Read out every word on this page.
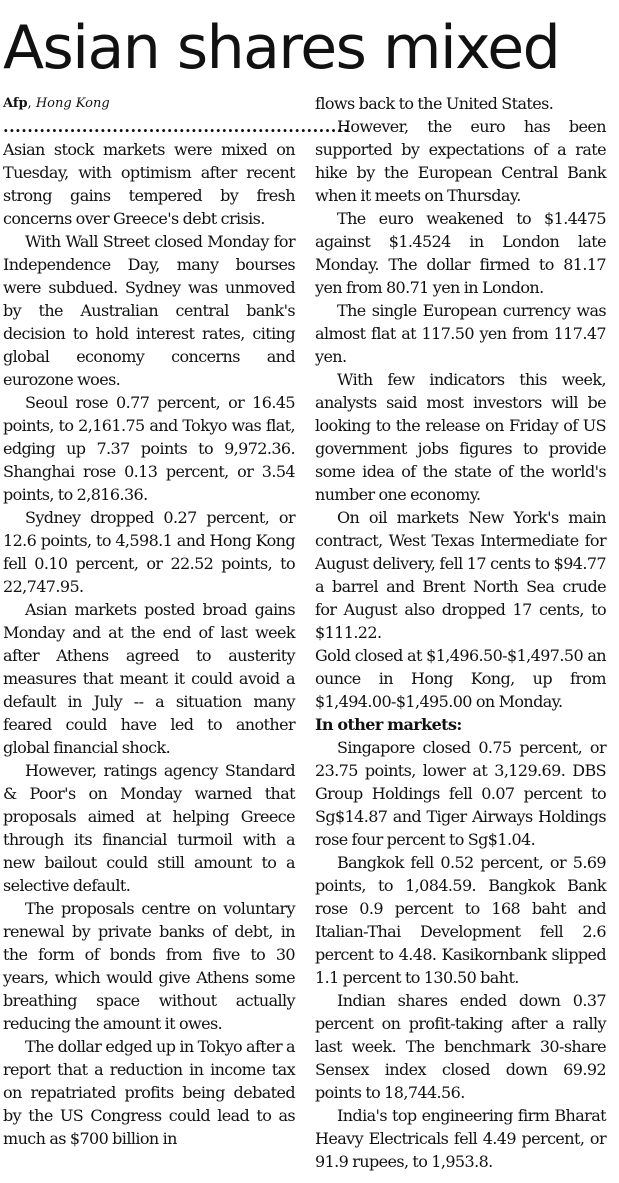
Asian shares mixed

Afp, Hong Kong

.........................................................

Asian stock markets were mixed on Tuesday, with optimism after recent strong gains tempered by fresh concerns over Greece's debt crisis.

With Wall Street closed Monday for Independence Day, many bourses were subdued. Sydney was unmoved by the Australian central bank's decision to hold interest rates, citing global economy concerns and eurozone woes.

Seoul rose 0.77 percent, or 16.45 points, to 2,161.75 and Tokyo was flat, edging up 7.37 points to 9,972.36. Shanghai rose 0.13 percent, or 3.54 points, to 2,816.36.

Sydney dropped 0.27 percent, or 12.6 points, to 4,598.1 and Hong Kong fell 0.10 percent, or 22.52 points, to 22,747.95.

Asian markets posted broad gains Monday and at the end of last week after Athens agreed to austerity measures that meant it could avoid a default in July -- a situation many feared could have led to another global financial shock.

However, ratings agency Standard & Poor's on Monday warned that proposals aimed at helping Greece through its financial turmoil with a new bailout could still amount to a selective default.

The proposals centre on voluntary renewal by private banks of debt, in the form of bonds from five to 30 years, which would give Athens some breathing space without actually reducing the amount it owes.

The dollar edged up in Tokyo after a report that a reduction in income tax on repatriated profits being debated by the US Congress could lead to as much as $700 billion in

flows back to the United States.

However, the euro has been supported by expectations of a rate hike by the European Central Bank when it meets on Thursday.

The euro weakened to $1.4475 against $1.4524 in London late Monday. The dollar firmed to 81.17 yen from 80.71 yen in London.

The single European currency was almost flat at 117.50 yen from 117.47 yen.

With few indicators this week, analysts said most investors will be looking to the release on Friday of US government jobs figures to provide some idea of the state of the world's number one economy.

On oil markets New York's main contract, West Texas Intermediate for August delivery, fell 17 cents to $94.77 a barrel and Brent North Sea crude for August also dropped 17 cents, to $111.22.

Gold closed at $1,496.50-$1,497.50 an ounce in Hong Kong, up from $1,494.00-$1,495.00 on Monday.

In other markets:

Singapore closed 0.75 percent, or 23.75 points, lower at 3,129.69. DBS Group Holdings fell 0.07 percent to Sg$14.87 and Tiger Airways Holdings rose four percent to Sg$1.04.

Bangkok fell 0.52 percent, or 5.69 points, to 1,084.59. Bangkok Bank rose 0.9 percent to 168 baht and Italian-Thai Development fell 2.6 percent to 4.48. Kasikornbank slipped 1.1 percent to 130.50 baht.

Indian shares ended down 0.37 percent on profit-taking after a rally last week. The benchmark 30-share Sensex index closed down 69.92 points to 18,744.56.

India's top engineering firm Bharat Heavy Electricals fell 4.49 percent, or 91.9 rupees, to 1,953.8.
